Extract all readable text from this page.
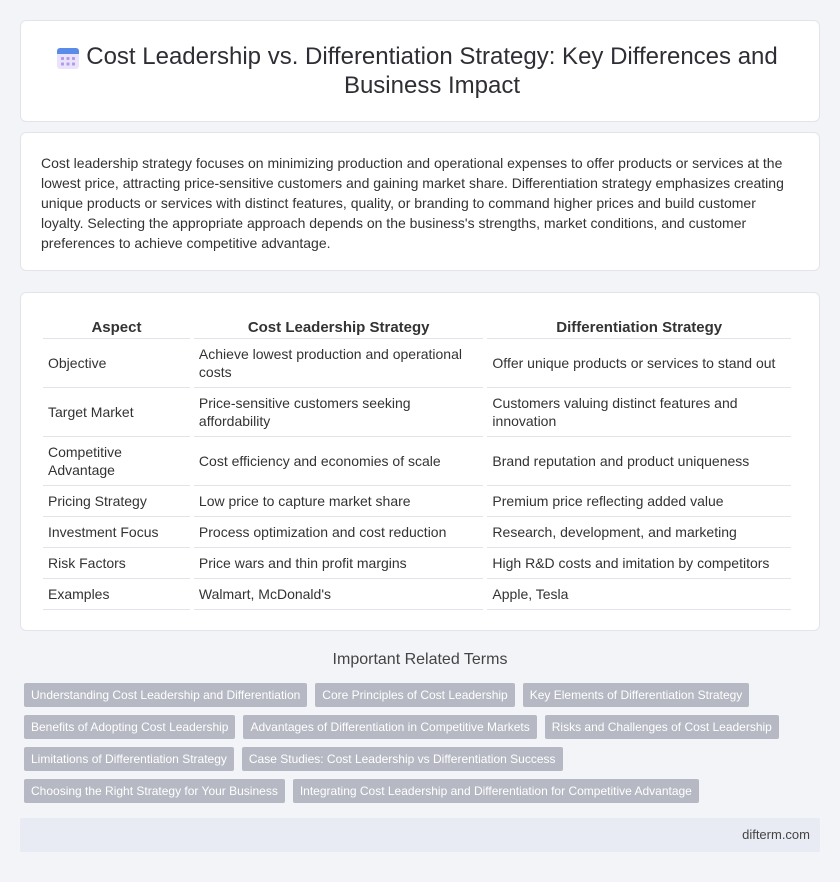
Cost Leadership vs. Differentiation Strategy: Key Differences and Business Impact

Cost leadership strategy focuses on minimizing production and operational expenses to offer products or services at the lowest price, attracting price-sensitive customers and gaining market share. Differentiation strategy emphasizes creating unique products or services with distinct features, quality, or branding to command higher prices and build customer loyalty. Selecting the appropriate approach depends on the business's strengths, market conditions, and customer preferences to achieve competitive advantage.

Aspect	Cost Leadership Strategy	Differentiation Strategy
Objective	Achieve lowest production and operational costs	Offer unique products or services to stand out
Target Market	Price-sensitive customers seeking affordability	Customers valuing distinct features and innovation
Competitive Advantage	Cost efficiency and economies of scale	Brand reputation and product uniqueness
Pricing Strategy	Low price to capture market share	Premium price reflecting added value
Investment Focus	Process optimization and cost reduction	Research, development, and marketing
Risk Factors	Price wars and thin profit margins	High R&D costs and imitation by competitors
Examples	Walmart, McDonald's	Apple, Tesla
Important Related Terms
Understanding Cost Leadership and Differentiation	Core Principles of Cost Leadership	Key Elements of Differentiation Strategy
Benefits of Adopting Cost Leadership	Advantages of Differentiation in Competitive Markets	Risks and Challenges of Cost Leadership
Limitations of Differentiation Strategy	Case Studies: Cost Leadership vs Differentiation Success
Choosing the Right Strategy for Your Business	Integrating Cost Leadership and Differentiation for Competitive Advantage
difterm.com
